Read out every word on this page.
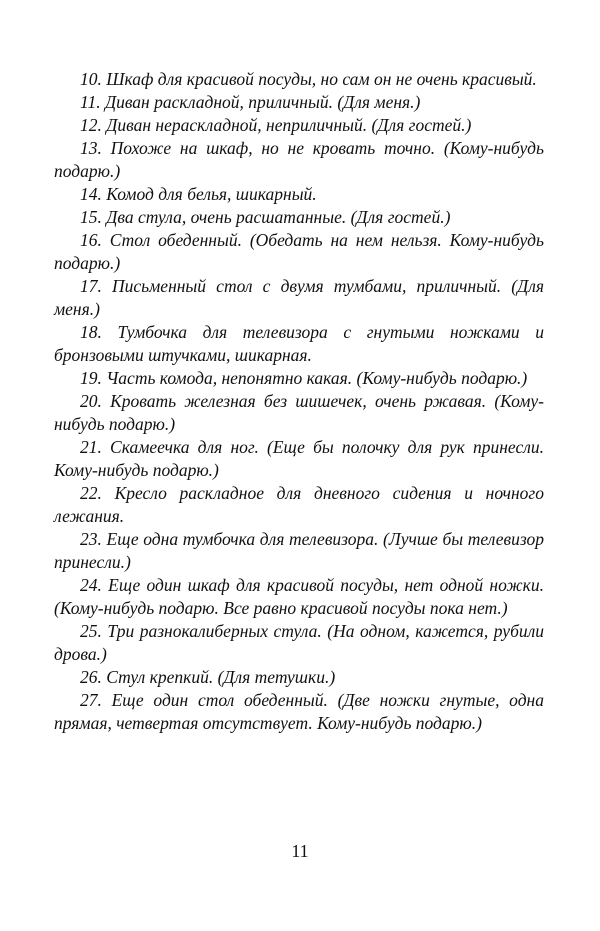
10. Шкаф для красивой посуды, но сам он не очень красивый.

11. Диван раскладной, приличный. (Для меня.)

12. Диван нераскладной, неприличный. (Для гостей.)

13. Похоже на шкаф, но не кровать точно. (Кому-нибудь подарю.)

14. Комод для белья, шикарный.

15. Два стула, очень расшатанные. (Для гостей.)

16. Стол обеденный. (Обедать на нем нельзя. Кому-нибудь подарю.)

17. Письменный стол с двумя тумбами, приличный. (Для меня.)

18. Тумбочка для телевизора с гнутыми ножками и бронзовыми штучками, шикарная.

19. Часть комода, непонятно какая. (Кому-нибудь подарю.)

20. Кровать железная без шишечек, очень ржавая. (Кому-нибудь подарю.)

21. Скамеечка для ног. (Еще бы полочку для рук принесли. Кому-нибудь подарю.)

22. Кресло раскладное для дневного сидения и ночного лежания.

23. Еще одна тумбочка для телевизора. (Лучше бы телевизор принесли.)

24. Еще один шкаф для красивой посуды, нет одной ножки. (Кому-нибудь подарю. Все равно красивой посуды пока нет.)

25. Три разнокалиберных стула. (На одном, кажется, рубили дрова.)

26. Стул крепкий. (Для тетушки.)

27. Еще один стол обеденный. (Две ножки гнутые, одна прямая, четвертая отсутствует. Кому-нибудь подарю.)

11
